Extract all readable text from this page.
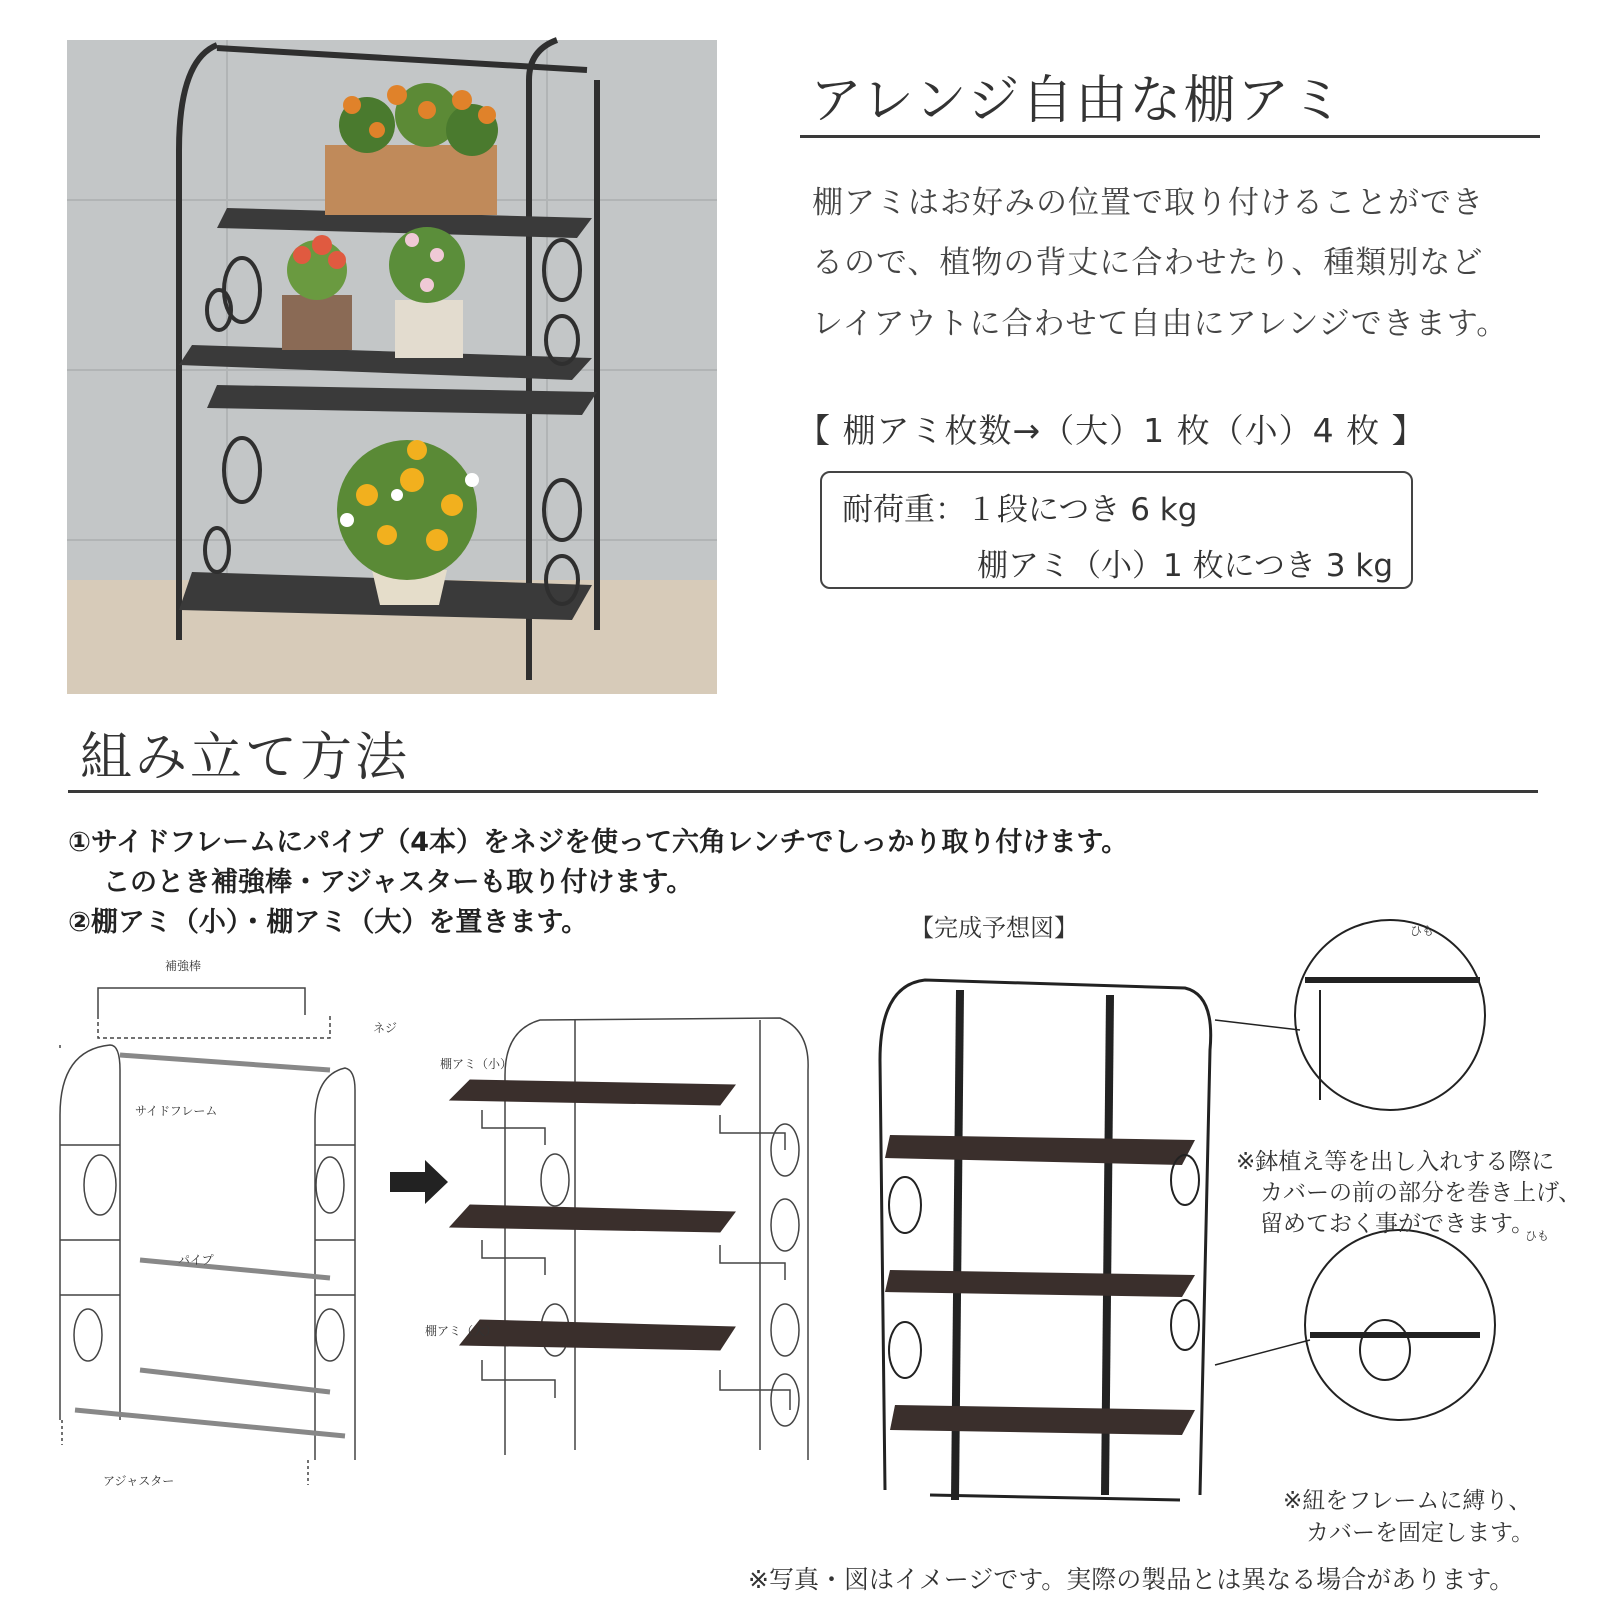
アレンジ自由な棚アミ
棚アミはお好みの位置で取り付けることができ
るので、植物の背丈に合わせたり、種類別など
レイアウトに合わせて自由にアレンジできます。
【 棚アミ枚数→（大）1 枚（小）4 枚 】
耐荷重：１段につき 6 kg
棚アミ（小）1 枚につき 3 kg
組み立て方法
①サイドフレームにパイプ（4本）をネジを使って六角レンチでしっかり取り付けます。
このとき補強棒・アジャスターも取り付けます。
②棚アミ（小）・棚アミ（大）を置きます。	【完成予想図】
補強棒
ネジ
サイドフレーム
パイプ
アジャスター
棚アミ（小）
棚アミ（大）
ひも
ひも
※鉢植え等を出し入れする際に
カバーの前の部分を巻き上げ、
留めておく事ができます。
※紐をフレームに縛り、
カバーを固定します。
※写真・図はイメージです。実際の製品とは異なる場合があります。
